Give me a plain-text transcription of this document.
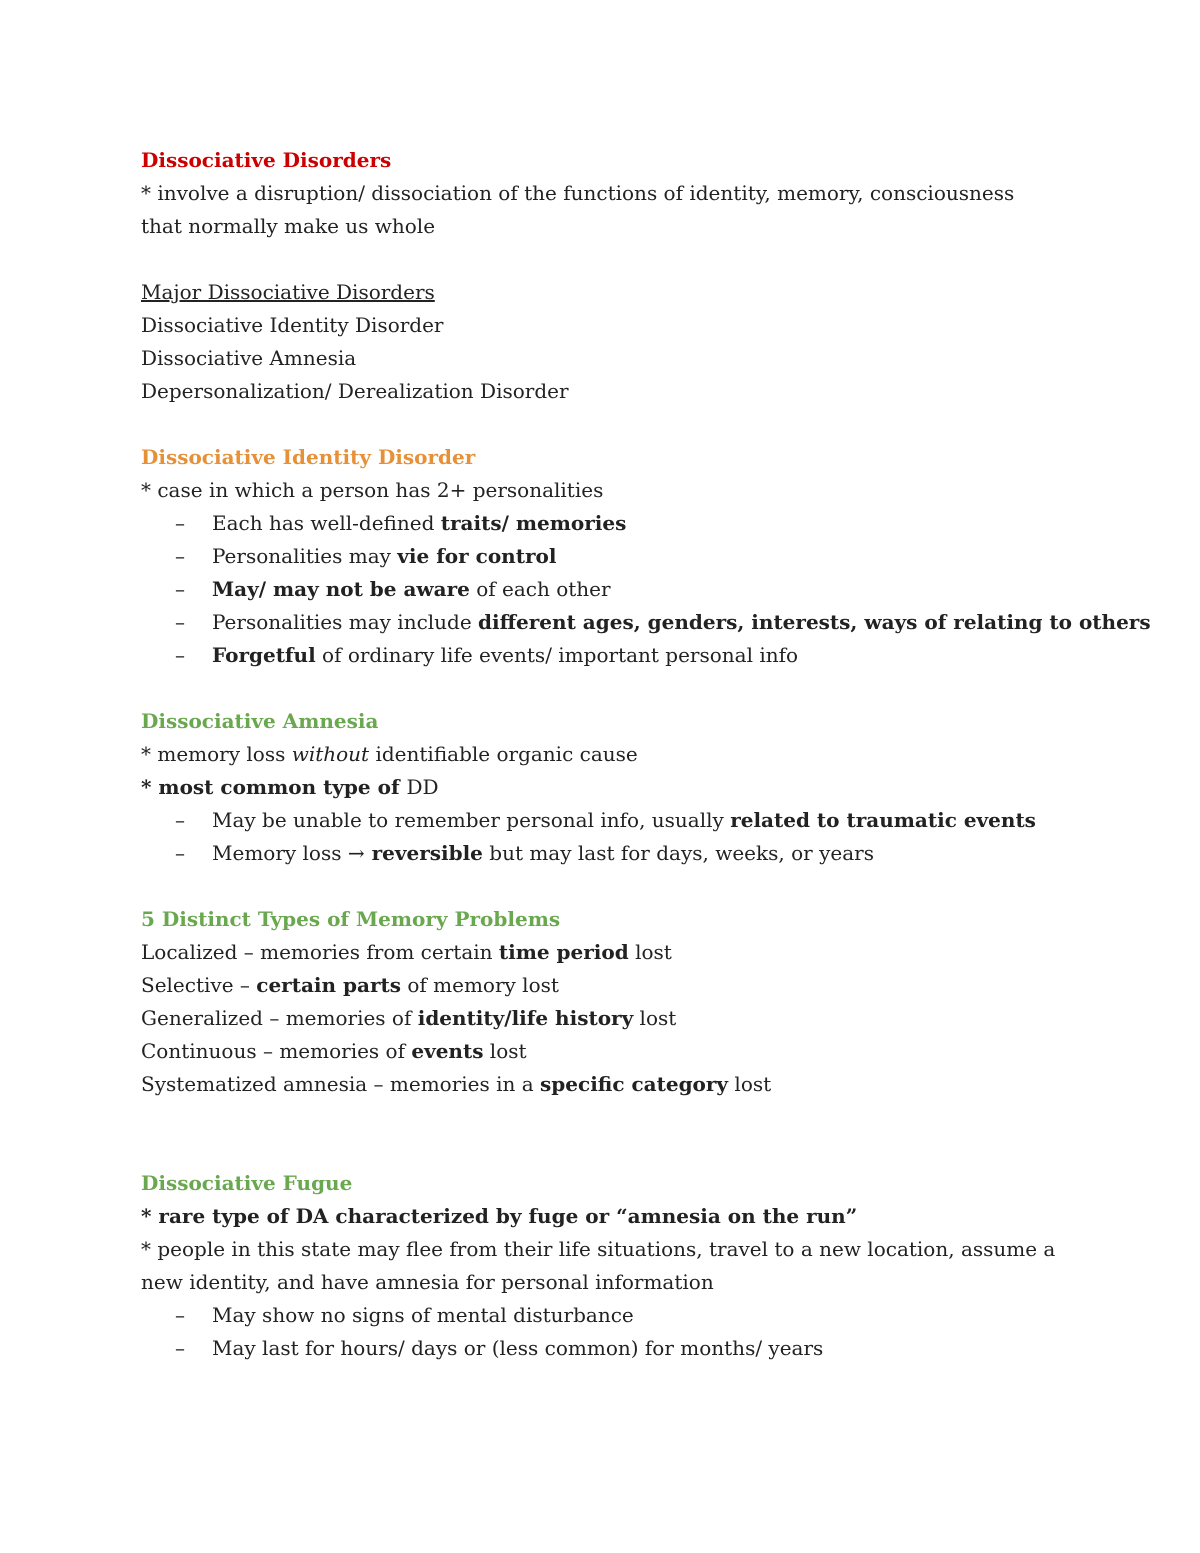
Dissociative Disorders

* involve a disruption/ dissociation of the functions of identity, memory, consciousness that normally make us whole

Major Dissociative Disorders

Dissociative Identity Disorder

Dissociative Amnesia

Depersonalization/ Derealization Disorder

Dissociative Identity Disorder

* case in which a person has 2+ personalities

– Each has well-defined traits/ memories

– Personalities may vie for control

– May/ may not be aware of each other

– Personalities may include different ages, genders, interests, ways of relating to others

– Forgetful of ordinary life events/ important personal info

Dissociative Amnesia

* memory loss without identifiable organic cause

* most common type of DD

– May be unable to remember personal info, usually related to traumatic events

– Memory loss → reversible but may last for days, weeks, or years

5 Distinct Types of Memory Problems

Localized – memories from certain time period lost

Selective – certain parts of memory lost

Generalized – memories of identity/life history lost

Continuous – memories of events lost

Systematized amnesia – memories in a specific category lost

Dissociative Fugue

* rare type of DA characterized by fuge or “amnesia on the run”

* people in this state may flee from their life situations, travel to a new location, assume a new identity, and have amnesia for personal information

– May show no signs of mental disturbance

– May last for hours/ days or (less common) for months/ years
